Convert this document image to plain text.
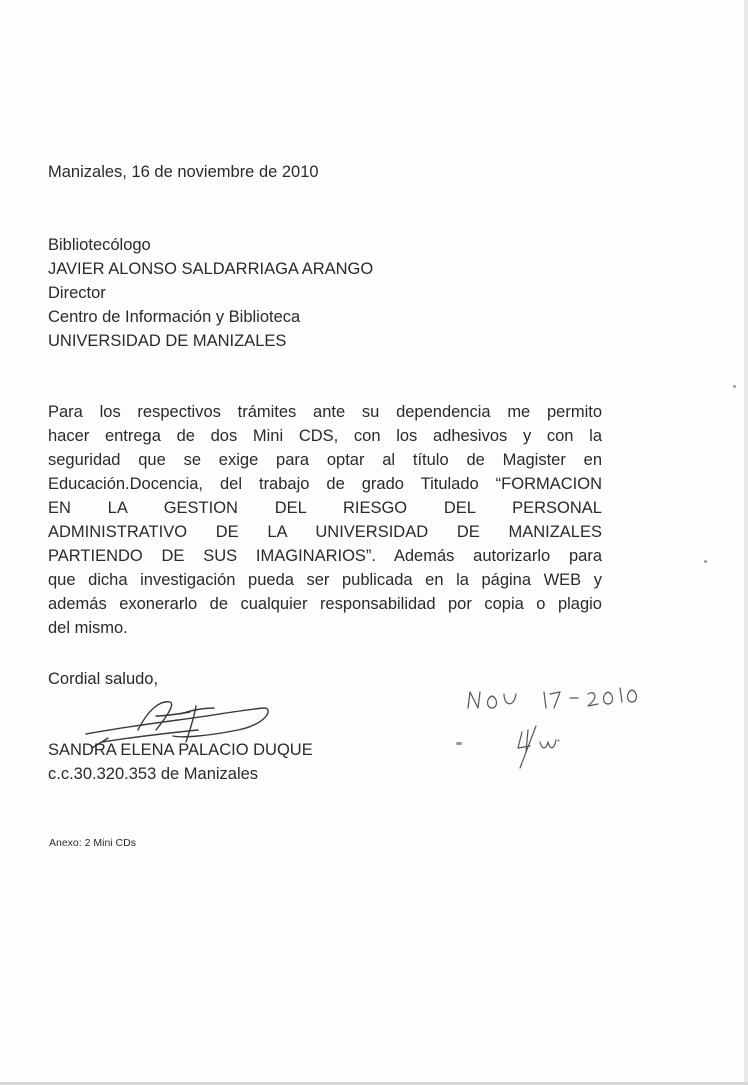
Manizales, 16 de noviembre de 2010
Bibliotecólogo
JAVIER ALONSO SALDARRIAGA ARANGO
Director
Centro de Información y Biblioteca
UNIVERSIDAD DE MANIZALES
Para los respectivos trámites ante su dependencia me permito
hacer entrega de dos Mini CDS, con los adhesivos y con la
seguridad que se exige para optar al título de Magister en
Educación.Docencia, del trabajo de grado Titulado “FORMACION
EN LA GESTION DEL RIESGO DEL PERSONAL
ADMINISTRATIVO DE LA UNIVERSIDAD DE MANIZALES
PARTIENDO DE SUS IMAGINARIOS”. Además autorizarlo para
que dicha investigación pueda ser publicada en la página WEB y
además exonerarlo de cualquier responsabilidad por copia o plagio
del mismo.
Cordial saludo,
SANDRA ELENA PALACIO DUQUE
c.c.30.320.353 de Manizales
Anexo: 2 Mini CDs
